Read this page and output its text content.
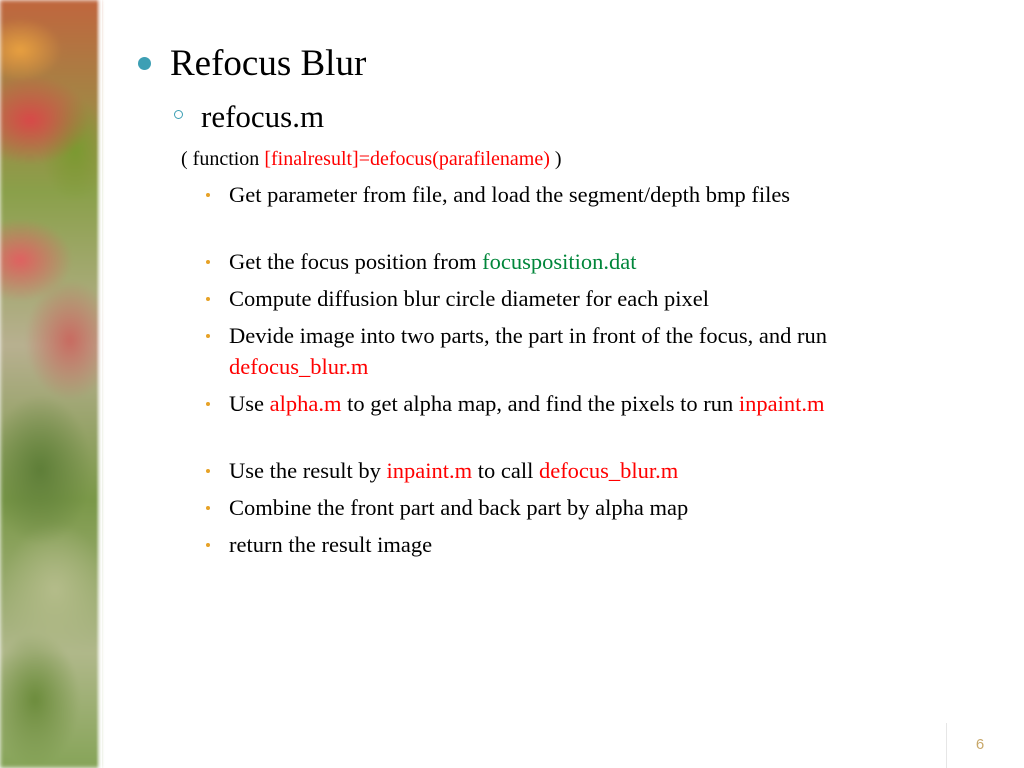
Refocus Blur
refocus.m
( function [finalresult]=defocus(parafilename) )
Get parameter from file, and load the segment/depth bmp files
Get the focus position from focusposition.dat
Compute diffusion blur circle diameter for each pixel
Devide image into two parts, the part in front of the focus, and run defocus_blur.m
Use alpha.m to get alpha map, and find the pixels to run inpaint.m
Use the result by inpaint.m to call defocus_blur.m
Combine the front part and back part by alpha map
return the result image
6
